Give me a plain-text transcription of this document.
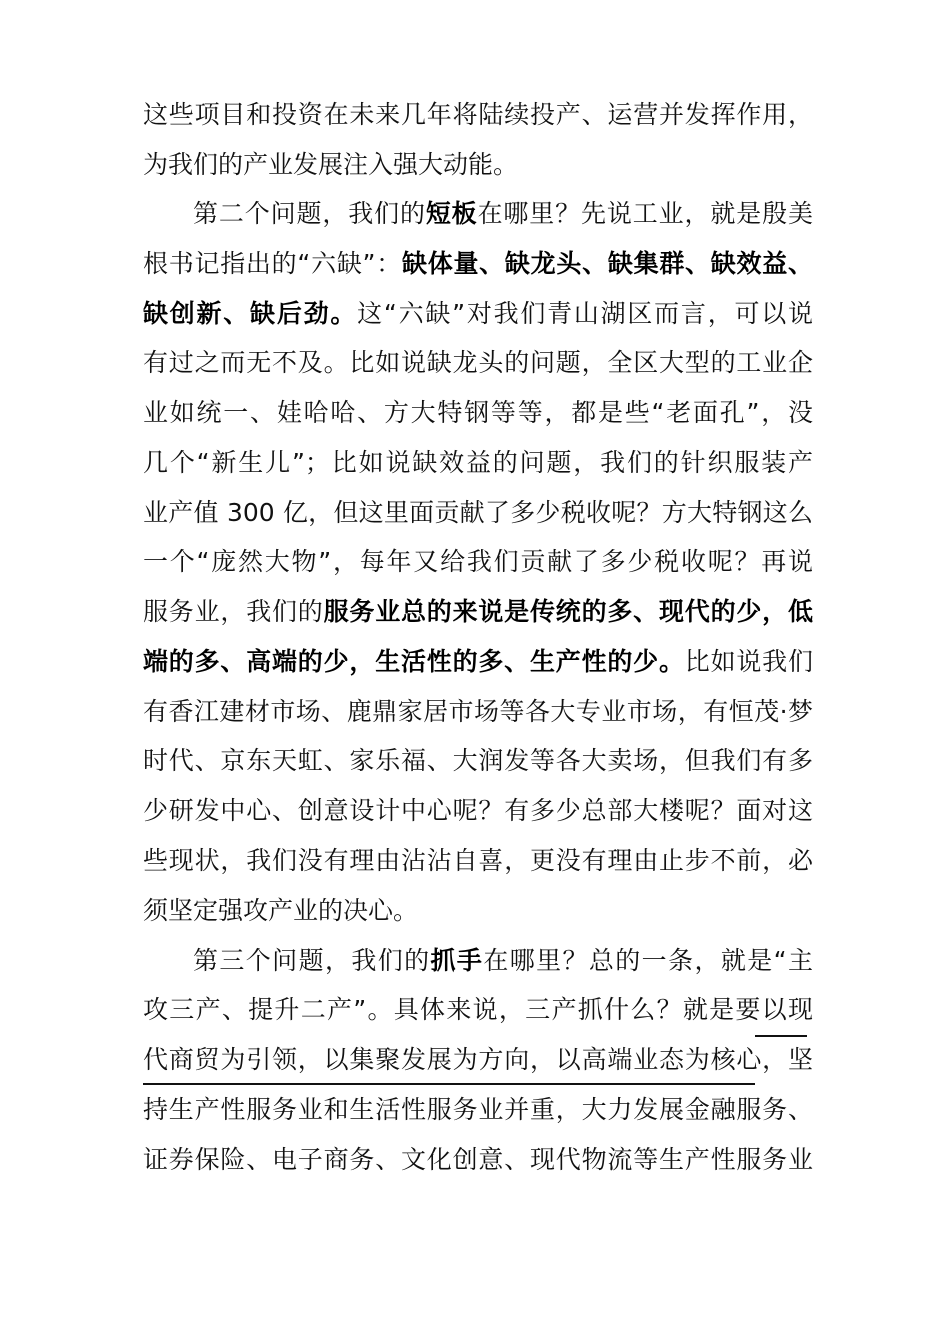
这些项目和投资在未来几年将陆续投产、运营并发挥作用，
为我们的产业发展注入强大动能。
第二个问题，我们的短板在哪里？先说工业，就是殷美
根书记指出的“六缺”：缺体量、缺龙头、缺集群、缺效益、
缺创新、缺后劲。这“六缺”对我们青山湖区而言，可以说
有过之而无不及。比如说缺龙头的问题，全区大型的工业企
业如统一、娃哈哈、方大特钢等等，都是些“老面孔”，没
几个“新生儿”；比如说缺效益的问题，我们的针织服装产
业产值 300 亿，但这里面贡献了多少税收呢？方大特钢这么
一个“庞然大物”，每年又给我们贡献了多少税收呢？再说
服务业，我们的服务业总的来说是传统的多、现代的少，低
端的多、高端的少，生活性的多、生产性的少。比如说我们
有香江建材市场、鹿鼎家居市场等各大专业市场，有恒茂·梦
时代、京东天虹、家乐福、大润发等各大卖场，但我们有多
少研发中心、创意设计中心呢？有多少总部大楼呢？面对这
些现状，我们没有理由沾沾自喜，更没有理由止步不前，必
须坚定强攻产业的决心。
第三个问题，我们的抓手在哪里？总的一条，就是“主
攻三产、提升二产”。具体来说，三产抓什么？就是要以现
代商贸为引领，以集聚发展为方向，以高端业态为核心，坚
持生产性服务业和生活性服务业并重，大力发展金融服务、
证券保险、电子商务、文化创意、现代物流等生产性服务业
